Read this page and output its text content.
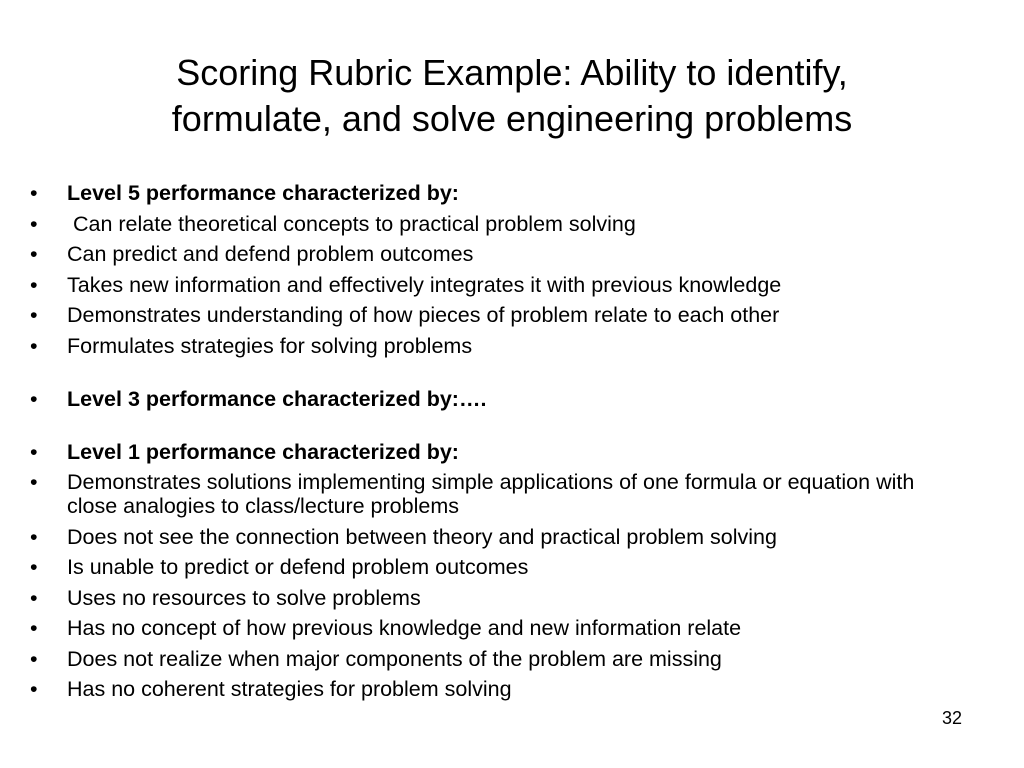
Scoring Rubric Example: Ability to identify,
formulate, and solve engineering problems
•	Level 5 performance characterized by:
•	Can relate theoretical concepts to practical problem solving
•	Can predict and defend problem outcomes
•	Takes new information and effectively integrates it with previous knowledge
•	Demonstrates understanding of how pieces of problem relate to each other
•	Formulates strategies for solving problems
•	Level 3 performance characterized by:….
•	Level 1 performance characterized by:
•	Demonstrates solutions implementing simple applications of one formula or equation with close analogies to class/lecture problems
•	Does not see the connection between theory and practical problem solving
•	Is unable to predict or defend problem outcomes
•	Uses no resources to solve problems
•	Has no concept of how previous knowledge and new information relate
•	Does not realize when major components of the problem are missing
•	Has no coherent strategies for problem solving
32
